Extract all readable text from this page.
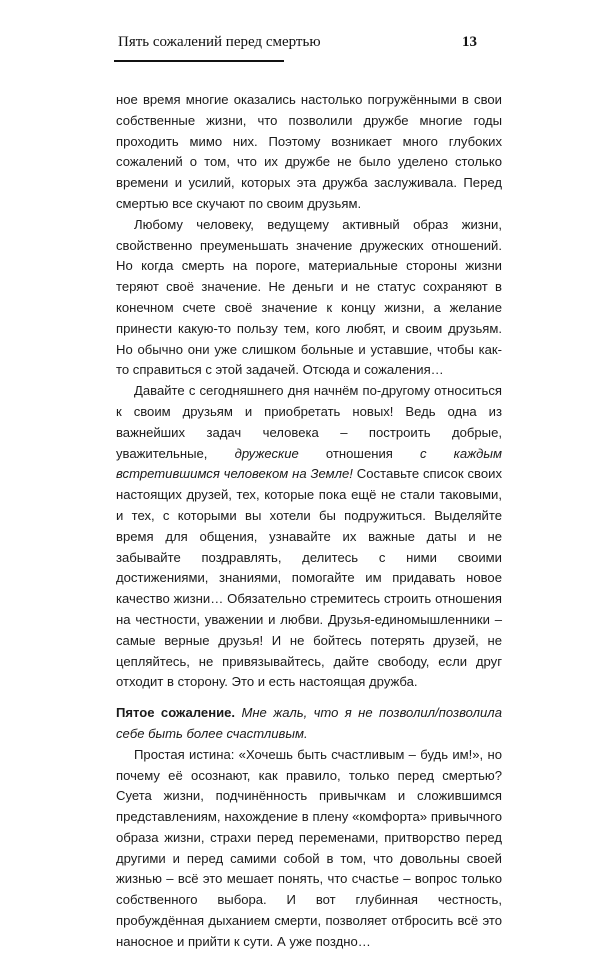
Пять сожалений перед смертью	13

ное время многие оказались настолько погружёнными в свои собственные жизни, что позволили дружбе многие годы проходить мимо них. Поэтому возникает много глубоких сожалений о том, что их дружбе не было уделено столько времени и усилий, которых эта дружба заслуживала. Перед смертью все скучают по своим друзьям.

Любому человеку, ведущему активный образ жизни, свойственно преуменьшать значение дружеских отношений. Но когда смерть на пороге, материальные стороны жизни теряют своё значение. Не деньги и не статус сохраняют в конечном счете своё значение к концу жизни, а желание принести какую-то пользу тем, кого любят, и своим друзьям. Но обычно они уже слишком больные и уставшие, чтобы как-то справиться с этой задачей. Отсюда и сожаления…

Давайте с сегодняшнего дня начнём по-другому относиться к своим друзьям и приобретать новых! Ведь одна из важнейших задач человека – построить добрые, уважительные, дружеские отношения с каждым встретившимся человеком на Земле! Составьте список своих настоящих друзей, тех, которые пока ещё не стали таковыми, и тех, с которыми вы хотели бы подружиться. Выделяйте время для общения, узнавайте их важные даты и не забывайте поздравлять, делитесь с ними своими достижениями, знаниями, помогайте им придавать новое качество жизни… Обязательно стремитесь строить отношения на честности, уважении и любви. Друзья-единомышленники – самые верные друзья! И не бойтесь потерять друзей, не цепляйтесь, не привязывайтесь, дайте свободу, если друг отходит в сторону. Это и есть настоящая дружба.

Пятое сожаление. Мне жаль, что я не позволил/позволила себе быть более счастливым.

Простая истина: «Хочешь быть счастливым – будь им!», но почему её осознают, как правило, только перед смертью? Суета жизни, подчинённость привычкам и сложившимся представлениям, нахождение в плену «комфорта» привычного образа жизни, страхи перед переменами, притворство перед другими и перед самими собой в том, что довольны своей жизнью – всё это мешает понять, что счастье – вопрос только собственного выбора. И вот глубинная честность, пробуждённая дыханием смерти, позволяет отбросить всё это наносное и прийти к сути. А уже поздно…
